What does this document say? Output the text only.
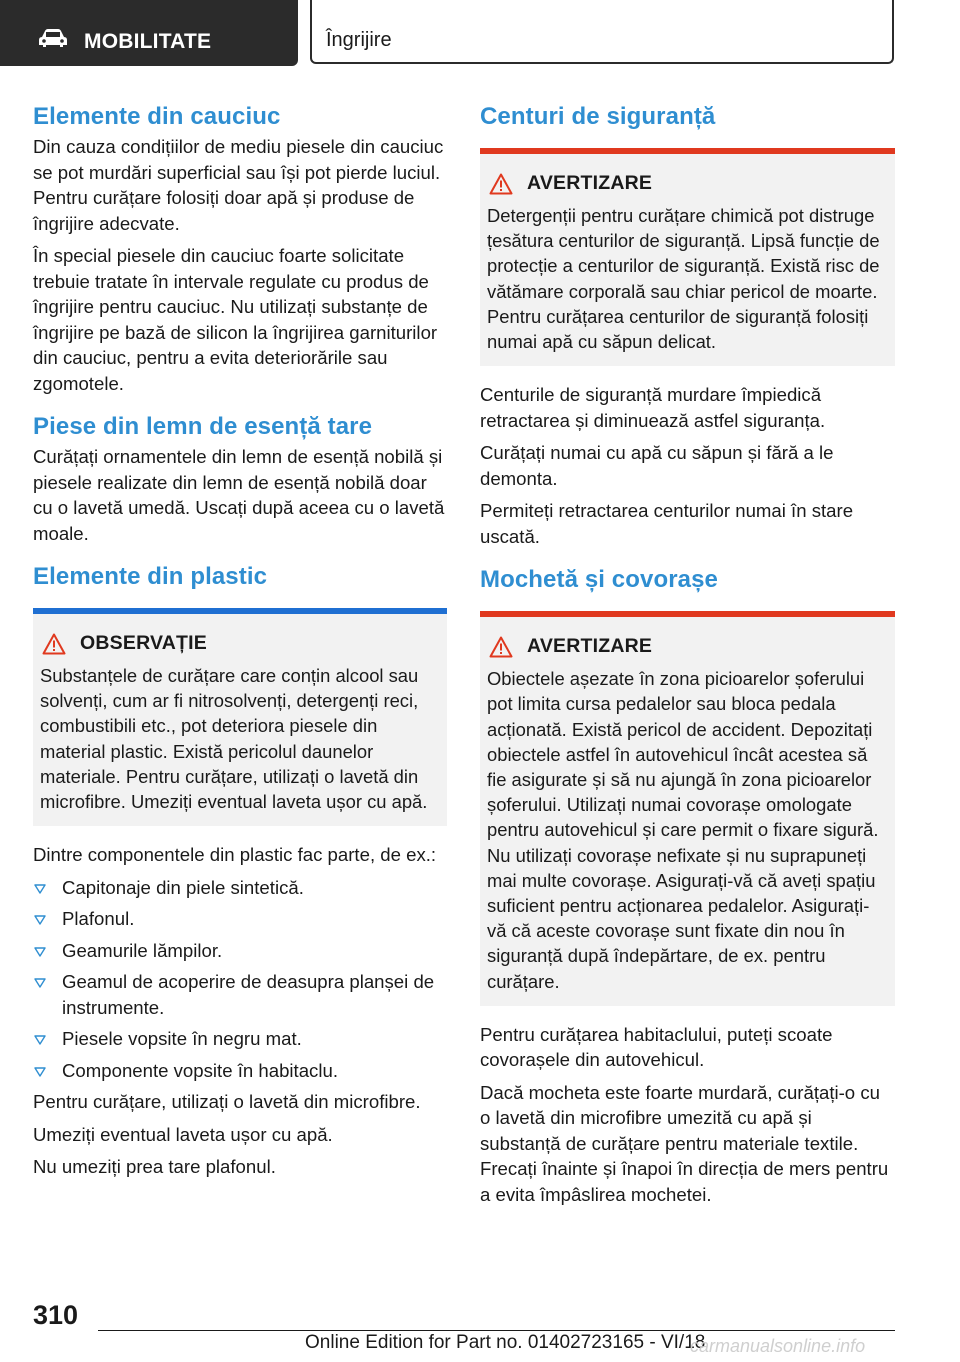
MOBILITATE	Îngrijire
Elemente din cauciuc

Din cauza condițiilor de mediu piesele din cauciuc se pot murdări superficial sau își pot pierde luciul. Pentru curățare folosiți doar apă și produse de îngrijire adecvate.

În special piesele din cauciuc foarte solicitate trebuie tratate în intervale regulate cu produs de îngrijire pentru cauciuc. Nu utilizați substanțe de îngrijire pe bază de silicon la îngrijirea garniturilor din cauciuc, pentru a evita deteriorările sau zgomotele.

Piese din lemn de esență tare

Curățați ornamentele din lemn de esență nobilă și piesele realizate din lemn de esență nobilă doar cu o lavetă umedă. Uscați după aceea cu o lavetă moale.

Elemente din plastic
OBSERVAȚIE

Substanțele de curățare care conțin alcool sau solvenți, cum ar fi nitrosolvenți, detergenți reci, combustibili etc., pot deteriora piesele din material plastic. Există pericolul daunelor materiale. Pentru curățare, utilizați o lavetă din microfibre. Umeziți eventual laveta ușor cu apă.

Dintre componentele din plastic fac parte, de ex.:

Capitonaje din piele sintetică.
Plafonul.
Geamurile lămpilor.
Geamul de acoperire de deasupra planșei de instrumente.
Piesele vopsite în negru mat.
Componente vopsite în habitaclu.

Pentru curățare, utilizați o lavetă din microfibre.

Umeziți eventual laveta ușor cu apă.

Nu umeziți prea tare plafonul.

Centuri de siguranță
AVERTIZARE

Detergenții pentru curățare chimică pot distruge țesătura centurilor de siguranță. Lipsă funcție de protecție a centurilor de siguranță. Există risc de vătămare corporală sau chiar pericol de moarte. Pentru curățarea centurilor de siguranță folosiți numai apă cu săpun delicat.

Centurile de siguranță murdare împiedică retractarea și diminuează astfel siguranța.

Curățați numai cu apă cu săpun și fără a le demonta.

Permiteți retractarea centurilor numai în stare uscată.

Mochetă și covorașe
AVERTIZARE

Obiectele așezate în zona picioarelor șoferului pot limita cursa pedalelor sau bloca pedala acționată. Există pericol de accident. Depozitați obiectele astfel în autovehicul încât acestea să fie asigurate și să nu ajungă în zona picioarelor șoferului. Utilizați numai covorașe omologate pentru autovehicul și care permit o fixare sigură. Nu utilizați covorașe nefixate și nu suprapuneți mai multe covorașe. Asigurați-vă că aveți spațiu suficient pentru acționarea pedalelor. Asigurați-vă că aceste covorașe sunt fixate din nou în siguranță după îndepărtare, de ex. pentru curățare.

Pentru curățarea habitaclului, puteți scoate covorașele din autovehicul.

Dacă mocheta este foarte murdară, curățați-o cu o lavetă din microfibre umezită cu apă și substanță de curățare pentru materiale textile. Frecați înainte și înapoi în direcția de mers pentru a evita împâslirea mochetei.

310
Online Edition for Part no. 01402723165 - VI/18
carmanualsonline.info
